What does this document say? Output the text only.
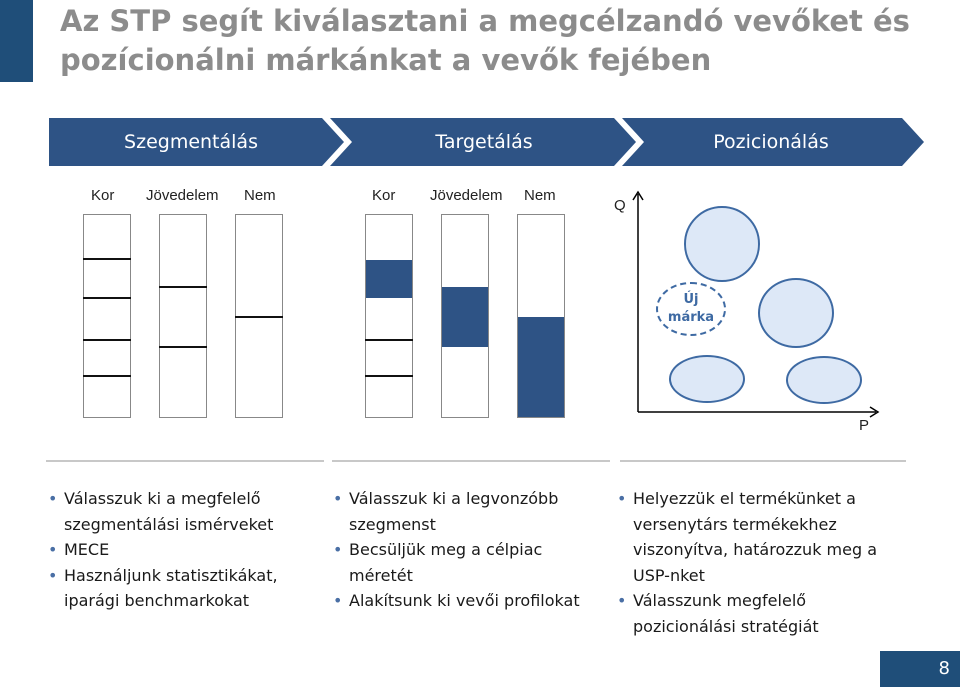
Az STP segít kiválasztani a megcélzandó vevőket és
pozícionálni márkánkat a vevők fejében
Szegmentálás	Targetálás	Pozicionálás
Kor Jövedelem Nem	Kor Jövedelem Nem
Q
P
Új
márka
• Válasszuk ki a megfelelő szegmentálási ismérveket
• MECE
• Használjunk statisztikákat, iparági benchmarkokat
• Válasszuk ki a legvonzóbb szegmenst
• Becsüljük meg a célpiac méretét
• Alakítsunk ki vevői profilokat
• Helyezzük el termékünket a versenytárs termékekhez viszonyítva, határozzuk meg a USP-nket
• Válasszunk megfelelő pozicionálási stratégiát
8
